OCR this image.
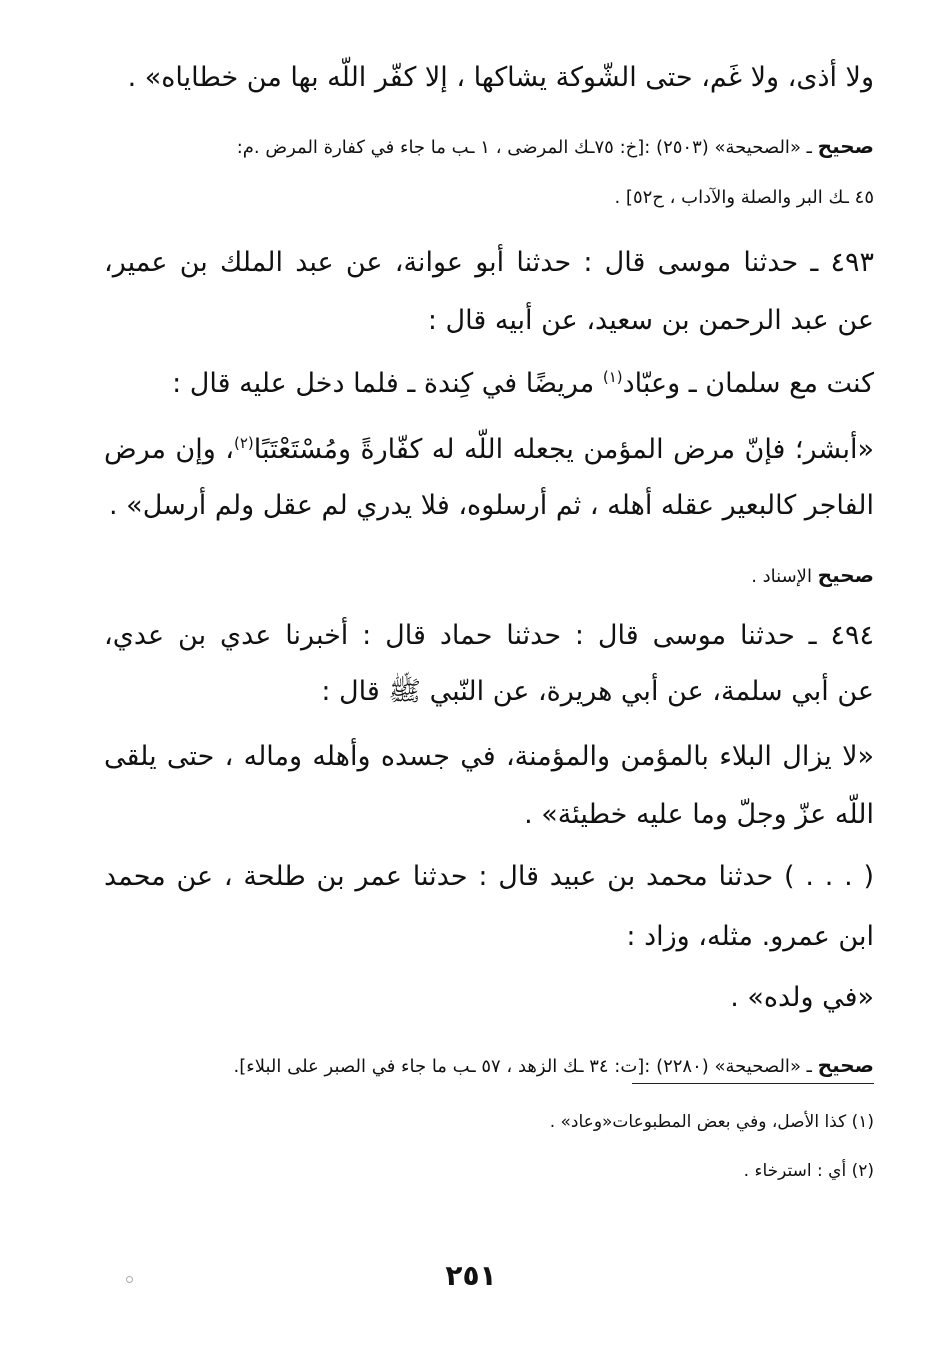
ولا أذى، ولا غَم، حتى الشّوكة يشاكها ، إلا كفّر اللّه بها من خطاياه» .
صحيح ـ «الصحيحة» (٢٥٠٣) :[خ: ٧٥ـك المرضى ، ١ ـب ما جاء في كفارة المرض .م:
٤٥ ـك البر والصلة والآداب ، ح٥٢] .
٤٩٣ ـ حدثنا موسى قال : حدثنا أبو عوانة، عن عبد الملك بن عمير،
عن عبد الرحمن بن سعيد، عن أبيه قال :
كنت مع سلمان ـ وعبّاد$^{(١)}$ مريضًا في كِندة ـ فلما دخل عليه قال :
«أبشر؛ فإنّ مرض المؤمن يجعله اللّه له كفّارةً ومُسْتَعْتَبًا$^{(٢)}$، وإن مرض
الفاجر كالبعير عقله أهله ، ثم أرسلوه، فلا يدري لم عقل ولم أرسل» .
صحيح الإسناد .
٤٩٤ ـ حدثنا موسى قال : حدثنا حماد قال : أخبرنا عدي بن عدي،
عن أبي سلمة، عن أبي هريرة، عن النّبي ﷺ قال :
«لا يزال البلاء بالمؤمن والمؤمنة، في جسده وأهله وماله ، حتى يلقى
اللّه عزّ وجلّ وما عليه خطيئة» .
( . . . ) حدثنا محمد بن عبيد قال : حدثنا عمر بن طلحة ، عن محمد
ابن عمرو. مثله، وزاد :
«في ولده» .
صحيح ـ «الصحيحة» (٢٢٨٠) :[ت: ٣٤ ـك الزهد ، ٥٧ ـب ما جاء في الصبر على البلاء].
(١) كذا الأصل، وفي بعض المطبوعات«وعاد» .
(٢) أي : استرخاء .
٢٥١
